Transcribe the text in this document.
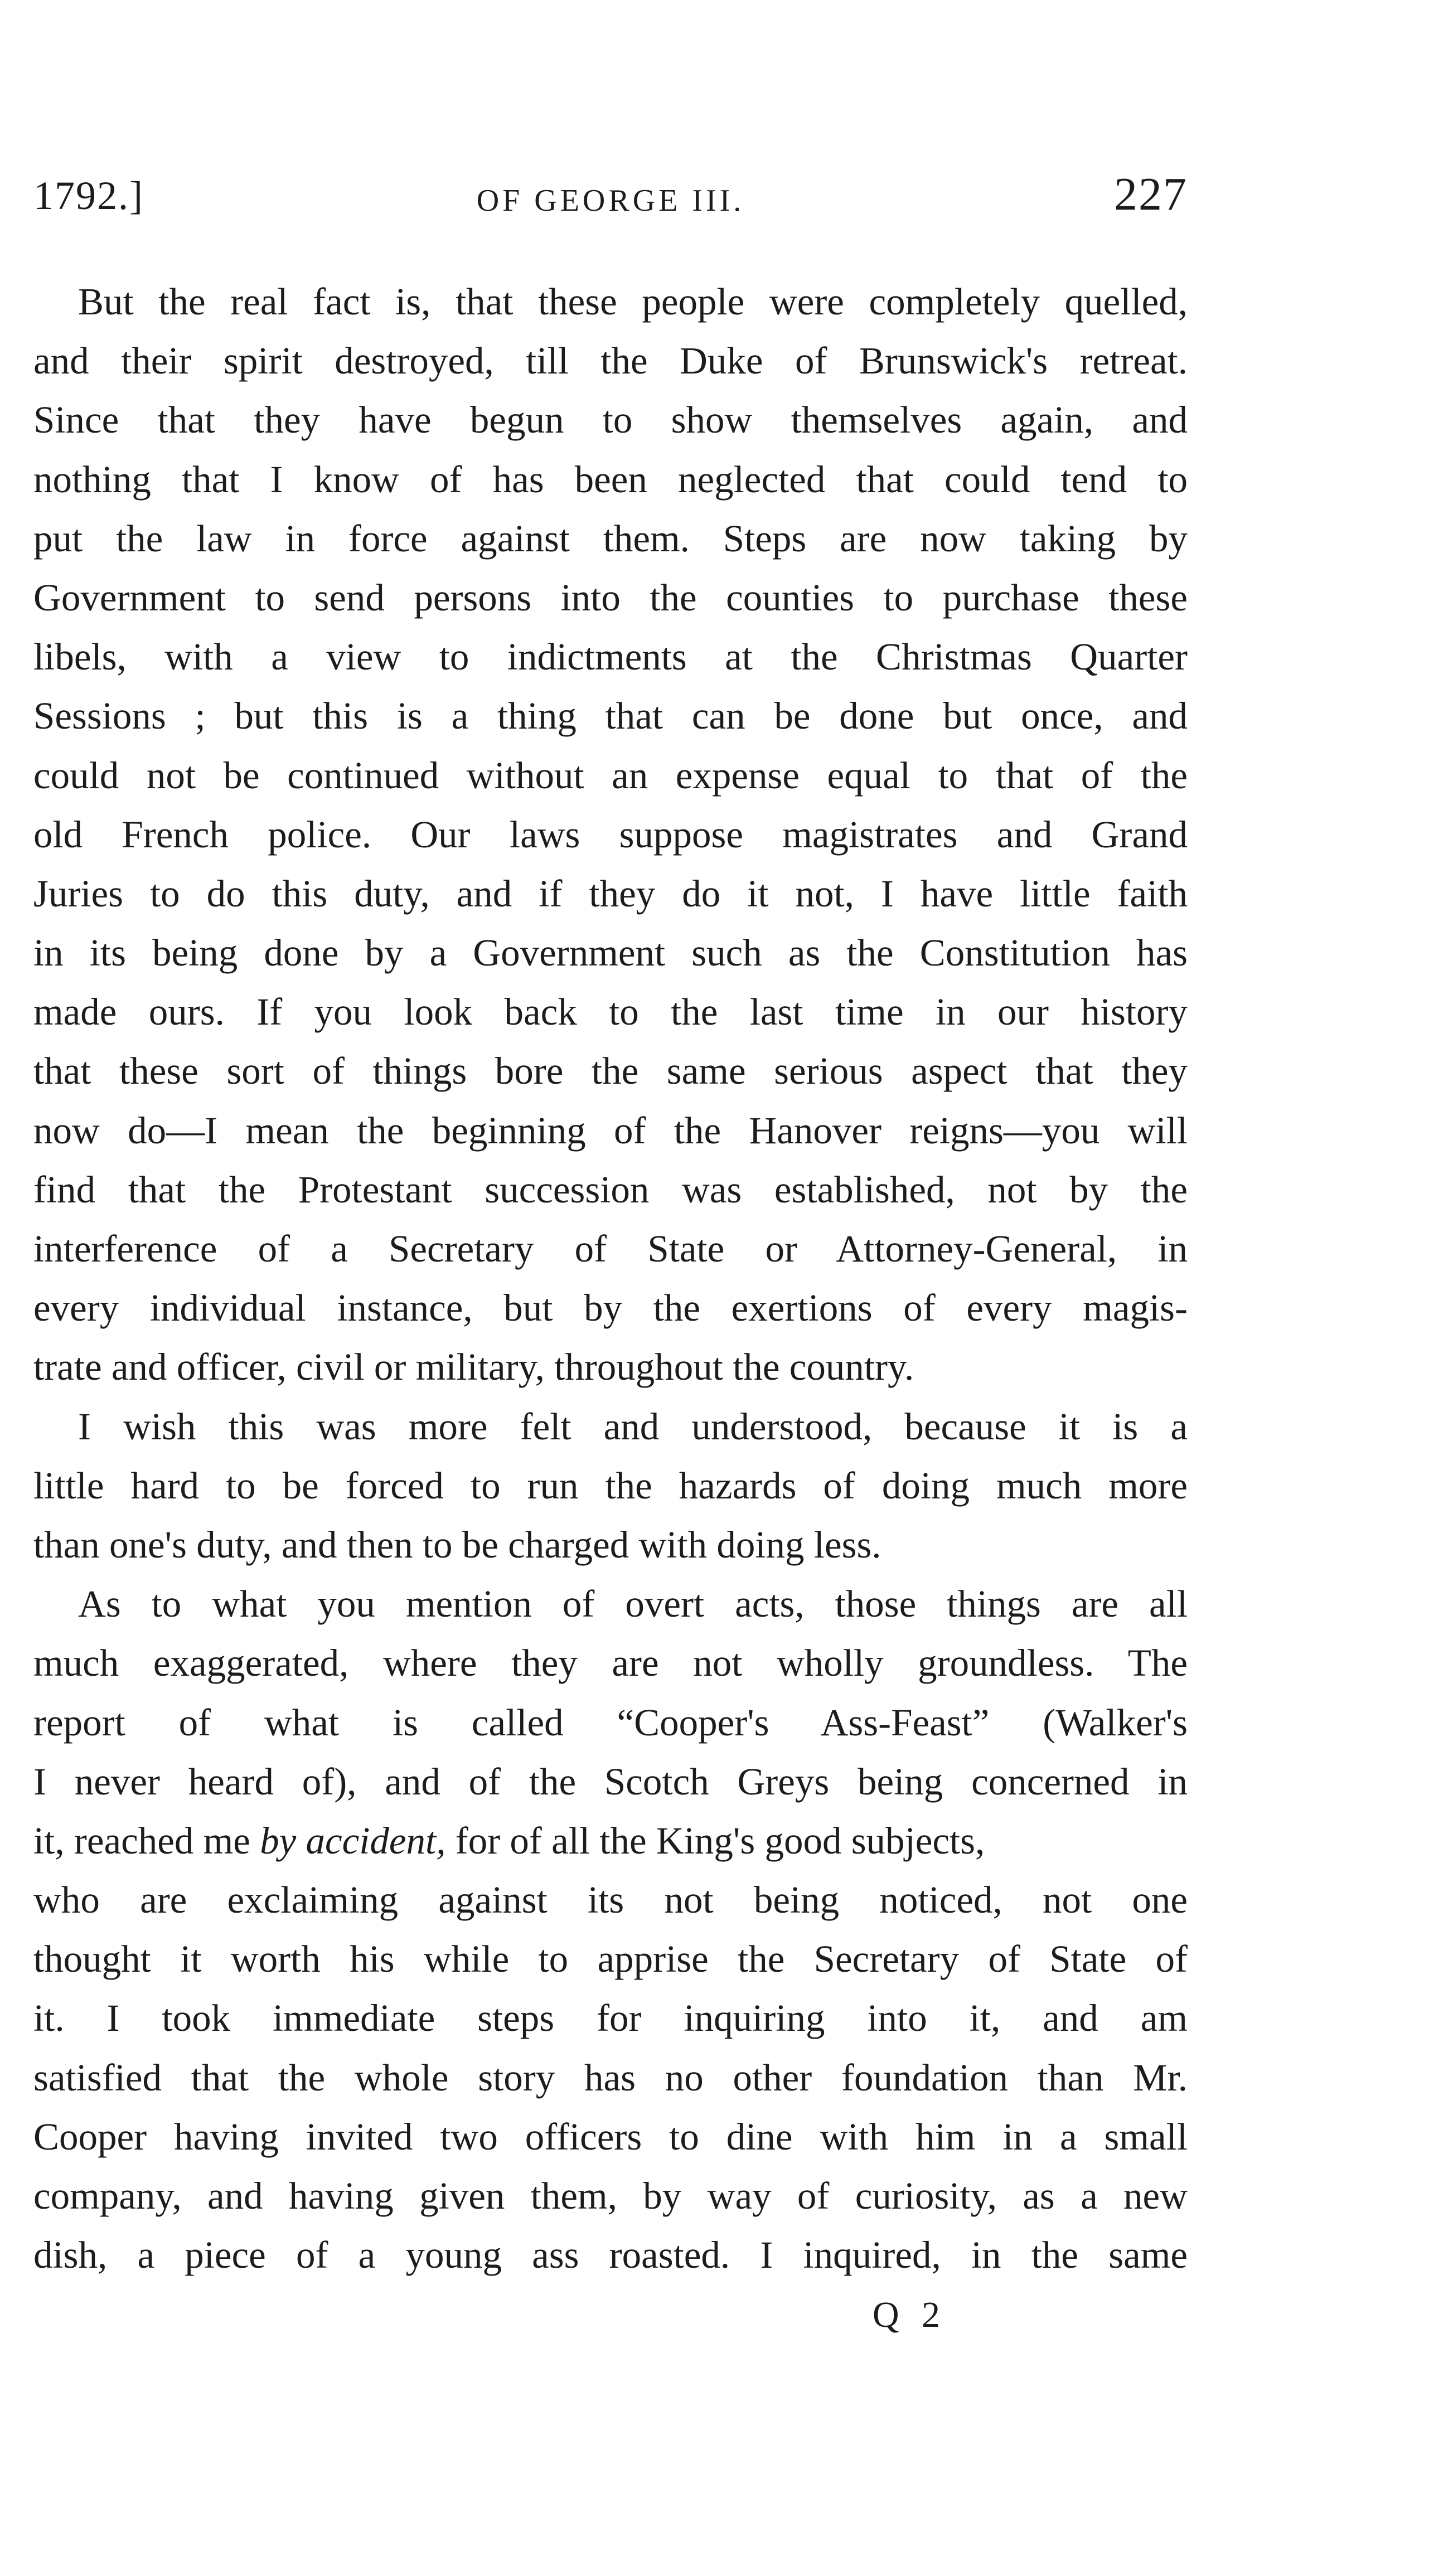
1792.]	OF GEORGE III.	227
But the real fact is, that these people were completely quelled,
and their spirit destroyed, till the Duke of Brunswick's retreat.
Since that they have begun to show themselves again, and
nothing that I know of has been neglected that could tend to
put the law in force against them. Steps are now taking by
Government to send persons into the counties to purchase these
libels, with a view to indictments at the Christmas Quarter
Sessions ; but this is a thing that can be done but once, and
could not be continued without an expense equal to that of the
old French police. Our laws suppose magistrates and Grand
Juries to do this duty, and if they do it not, I have little faith
in its being done by a Government such as the Constitution has
made ours. If you look back to the last time in our history
that these sort of things bore the same serious aspect that they
now do—I mean the beginning of the Hanover reigns—you will
find that the Protestant succession was established, not by the
interference of a Secretary of State or Attorney-General, in
every individual instance, but by the exertions of every magis-
trate and officer, civil or military, throughout the country.
I wish this was more felt and understood, because it is a
little hard to be forced to run the hazards of doing much more
than one's duty, and then to be charged with doing less.
As to what you mention of overt acts, those things are all
much exaggerated, where they are not wholly groundless. The
report of what is called “Cooper's Ass-Feast” (Walker's
I never heard of), and of the Scotch Greys being concerned in
it, reached me by accident, for of all the King's good subjects,
who are exclaiming against its not being noticed, not one
thought it worth his while to apprise the Secretary of State of
it. I took immediate steps for inquiring into it, and am
satisfied that the whole story has no other foundation than Mr.
Cooper having invited two officers to dine with him in a small
company, and having given them, by way of curiosity, as a new
dish, a piece of a young ass roasted. I inquired, in the same
Q 2
